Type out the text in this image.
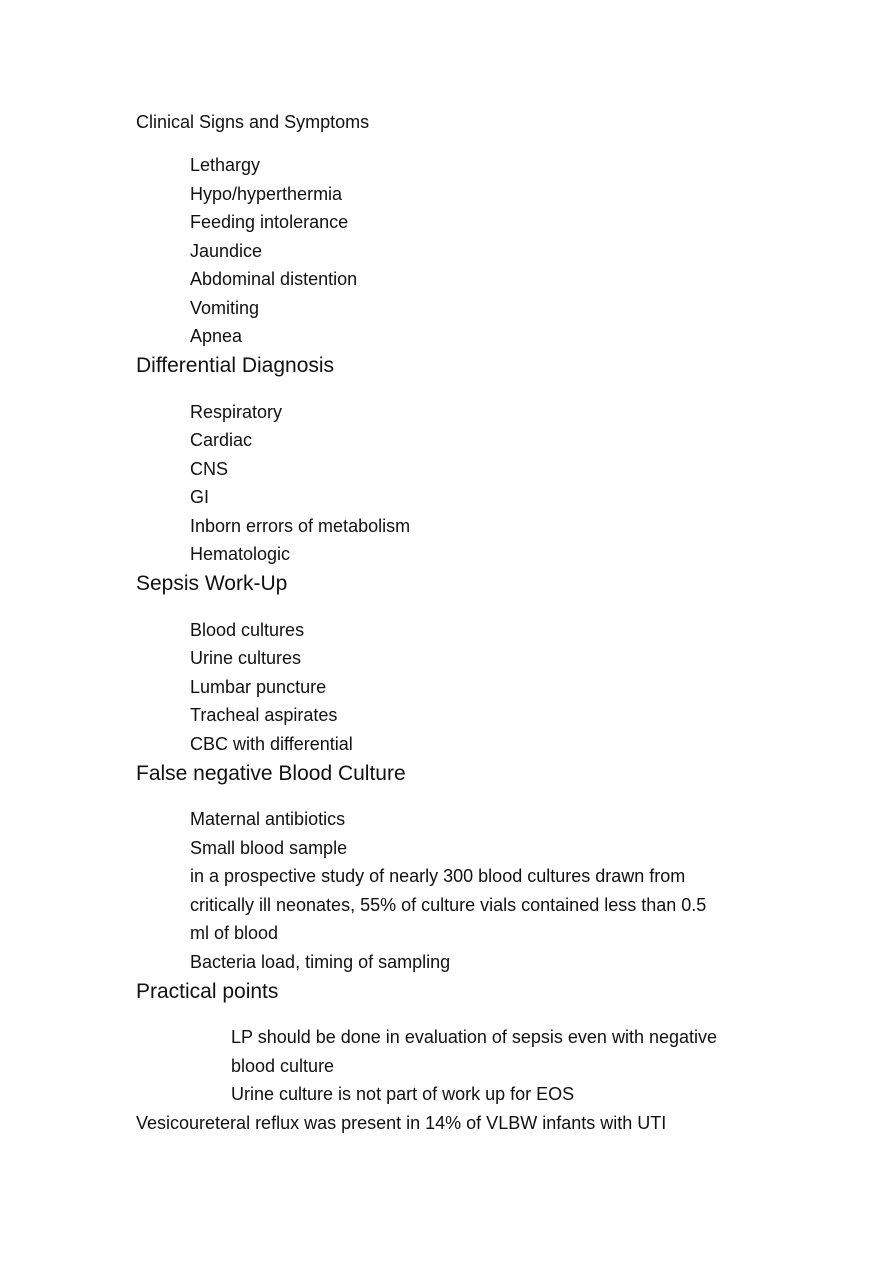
Clinical Signs and Symptoms
Lethargy
Hypo/hyperthermia
Feeding intolerance
Jaundice
Abdominal distention
Vomiting
Apnea
Differential Diagnosis
Respiratory
Cardiac
CNS
GI
Inborn errors of metabolism
Hematologic
Sepsis Work-Up
Blood cultures
Urine cultures
Lumbar puncture
Tracheal aspirates
CBC with differential
False negative Blood Culture
Maternal antibiotics
Small blood sample
in a prospective study of nearly 300 blood cultures drawn from
critically ill neonates, 55% of culture vials contained less than 0.5
ml of blood
Bacteria load, timing of sampling
Practical points
LP should be done in evaluation of sepsis even with negative
blood culture
Urine culture is not part of work up for EOS
Vesicoureteral reflux was present in 14% of VLBW infants with UTI
